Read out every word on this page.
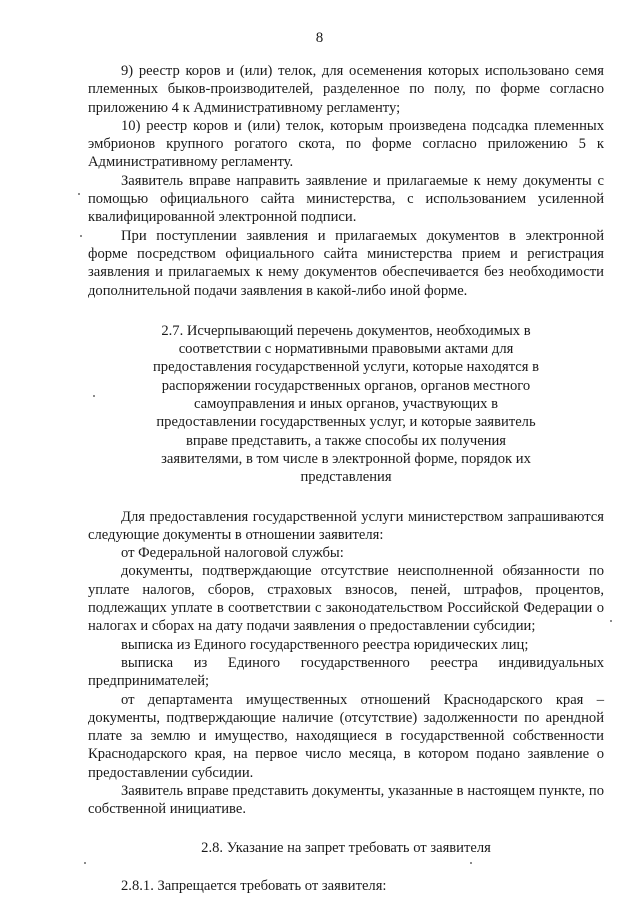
8

9) реестр коров и (или) телок, для осеменения которых использовано семя племенных быков-производителей, разделенное по полу, по форме согласно приложению 4 к Административному регламенту;

10) реестр коров и (или) телок, которым произведена подсадка племенных эмбрионов крупного рогатого скота, по форме согласно приложению 5 к Административному регламенту.

Заявитель вправе направить заявление и прилагаемые к нему документы с помощью официального сайта министерства, с использованием усиленной квалифицированной электронной подписи.

При поступлении заявления и прилагаемых документов в электронной форме посредством официального сайта министерства прием и регистрация заявления и прилагаемых к нему документов обеспечивается без необходимости дополнительной подачи заявления в какой-либо иной форме.

2.7. Исчерпывающий перечень документов, необходимых в соответствии с нормативными правовыми актами для предоставления государственной услуги, которые находятся в распоряжении государственных органов, органов местного самоуправления и иных органов, участвующих в предоставлении государственных услуг, и которые заявитель вправе представить, а также способы их получения заявителями, в том числе в электронной форме, порядок их представления

Для предоставления государственной услуги министерством запрашиваются следующие документы в отношении заявителя:

от Федеральной налоговой службы:

документы, подтверждающие отсутствие неисполненной обязанности по уплате налогов, сборов, страховых взносов, пеней, штрафов, процентов, подлежащих уплате в соответствии с законодательством Российской Федерации о налогах и сборах на дату подачи заявления о предоставлении субсидии;

выписка из Единого государственного реестра юридических лиц;

выписка из Единого государственного реестра индивидуальных предпринимателей;

от департамента имущественных отношений Краснодарского края – документы, подтверждающие наличие (отсутствие) задолженности по арендной плате за землю и имущество, находящиеся в государственной собственности Краснодарского края, на первое число месяца, в котором подано заявление о предоставлении субсидии.

Заявитель вправе представить документы, указанные в настоящем пункте, по собственной инициативе.

2.8. Указание на запрет требовать от заявителя

2.8.1. Запрещается требовать от заявителя:
